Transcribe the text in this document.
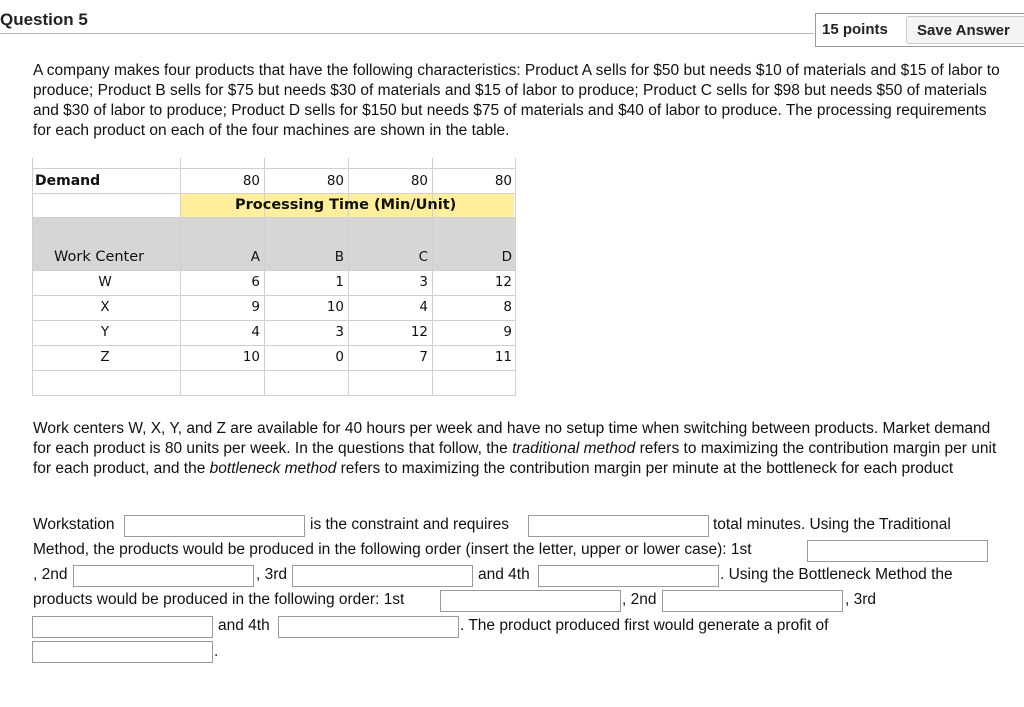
Question 5
15 points	Save Answer
A company makes four products that have the following characteristics: Product A sells for $50 but needs $10 of materials and $15 of labor to produce; Product B sells for $75 but needs $30 of materials and $15 of labor to produce; Product C sells for $98 but needs $50 of materials and $30 of labor to produce; Product D sells for $150 but needs $75 of materials and $40 of labor to produce. The processing requirements for each product on each of the four machines are shown in the table.
Demand	80	80	80	80
Processing Time (Min/Unit)
Work Center	A	B	C	D
W	6	1	3	12
X	9	10	4	8
Y	4	3	12	9
Z	10	0	7	11
Work centers W, X, Y, and Z are available for 40 hours per week and have no setup time when switching between products. Market demand for each product is 80 units per week. In the questions that follow, the traditional method refers to maximizing the contribution margin per unit for each product, and the bottleneck method refers to maximizing the contribution margin per minute at the bottleneck for each product
Workstation	is the constraint and requires	total minutes. Using the Traditional
Method, the products would be produced in the following order (insert the letter, upper or lower case): 1st
, 2nd	, 3rd	and 4th	. Using the Bottleneck Method the
products would be produced in the following order: 1st	, 2nd	, 3rd
and 4th	. The product produced first would generate a profit of
.
